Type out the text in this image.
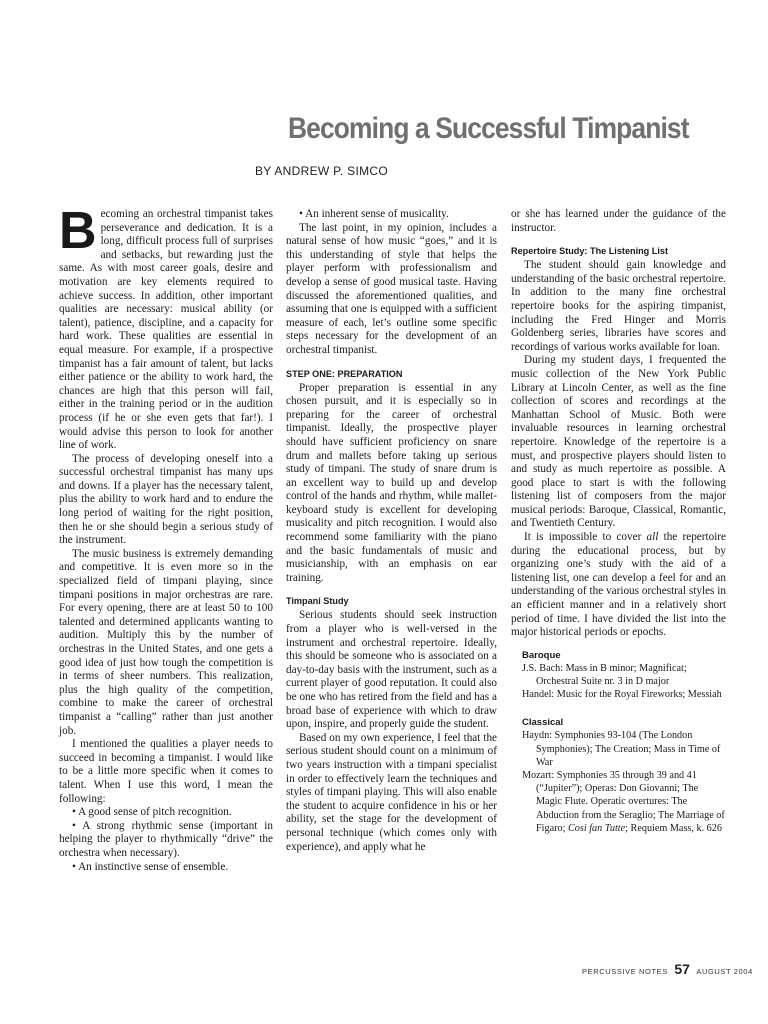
Becoming a Successful Timpanist
BY ANDREW P. SIMCO

Becoming an orchestral timpanist takes perseverance and dedication. It is a long, difficult process full of surprises and setbacks, but rewarding just the same. As with most career goals, desire and motivation are key elements required to achieve success. In addition, other important qualities are necessary: musical ability (or talent), patience, discipline, and a capacity for hard work. These qualities are essential in equal measure. For example, if a prospective timpanist has a fair amount of talent, but lacks either patience or the ability to work hard, the chances are high that this person will fail, either in the training period or in the audition process (if he or she even gets that far!). I would advise this person to look for another line of work.

The process of developing oneself into a successful orchestral timpanist has many ups and downs. If a player has the necessary talent, plus the ability to work hard and to endure the long period of waiting for the right position, then he or she should begin a serious study of the instrument.

The music business is extremely demanding and competitive. It is even more so in the specialized field of timpani playing, since timpani positions in major orchestras are rare. For every opening, there are at least 50 to 100 talented and determined applicants wanting to audition. Multiply this by the number of orchestras in the United States, and one gets a good idea of just how tough the competition is in terms of sheer numbers. This realization, plus the high quality of the competition, combine to make the career of orchestral timpanist a “calling” rather than just another job.

I mentioned the qualities a player needs to succeed in becoming a timpanist. I would like to be a little more specific when it comes to talent. When I use this word, I mean the following:

• A good sense of pitch recognition.

• A strong rhythmic sense (important in helping the player to rhythmically “drive” the orchestra when necessary).

• An instinctive sense of ensemble.

• An inherent sense of musicality.

The last point, in my opinion, includes a natural sense of how music “goes,” and it is this understanding of style that helps the player perform with professionalism and develop a sense of good musical taste. Having discussed the aforementioned qualities, and assuming that one is equipped with a sufficient measure of each, let’s outline some specific steps necessary for the development of an orchestral timpanist.

STEP ONE: PREPARATION

Proper preparation is essential in any chosen pursuit, and it is especially so in preparing for the career of orchestral timpanist. Ideally, the prospective player should have sufficient proficiency on snare drum and mallets before taking up serious study of timpani. The study of snare drum is an excellent way to build up and develop control of the hands and rhythm, while mallet-keyboard study is excellent for developing musicality and pitch recognition. I would also recommend some familiarity with the piano and the basic fundamentals of music and musicianship, with an emphasis on ear training.

Timpani Study

Serious students should seek instruction from a player who is well-versed in the instrument and orchestral repertoire. Ideally, this should be someone who is associated on a day-to-day basis with the instrument, such as a current player of good reputation. It could also be one who has retired from the field and has a broad base of experience with which to draw upon, inspire, and properly guide the student.

Based on my own experience, I feel that the serious student should count on a minimum of two years instruction with a timpani specialist in order to effectively learn the techniques and styles of timpani playing. This will also enable the student to acquire confidence in his or her ability, set the stage for the development of personal technique (which comes only with experience), and apply what he

or she has learned under the guidance of the instructor.

Repertoire Study: The Listening List

The student should gain knowledge and understanding of the basic orchestral repertoire. In addition to the many fine orchestral repertoire books for the aspiring timpanist, including the Fred Hinger and Morris Goldenberg series, libraries have scores and recordings of various works available for loan.

During my student days, I frequented the music collection of the New York Public Library at Lincoln Center, as well as the fine collection of scores and recordings at the Manhattan School of Music. Both were invaluable resources in learning orchestral repertoire. Knowledge of the repertoire is a must, and prospective players should listen to and study as much repertoire as possible. A good place to start is with the following listening list of composers from the major musical periods: Baroque, Classical, Romantic, and Twentieth Century.

It is impossible to cover all the repertoire during the educational process, but by organizing one’s study with the aid of a listening list, one can develop a feel for and an understanding of the various orchestral styles in an efficient manner and in a relatively short period of time. I have divided the list into the major historical periods or epochs.

Baroque
J.S. Bach: Mass in B minor; Magnificat; Orchestral Suite nr. 3 in D major
Handel: Music for the Royal Fireworks; Messiah
Classical
Haydn: Symphonies 93-104 (The London Symphonies); The Creation; Mass in Time of War
Mozart: Symphonies 35 through 39 and 41 (“Jupiter”); Operas: Don Giovanni; The Magic Flute. Operatic overtures: The Abduction from the Seraglio; The Marriage of Figaro; Cosi fan Tutte; Requiem Mass, k. 626
PERCUSSIVE NOTES 57 AUGUST 2004
